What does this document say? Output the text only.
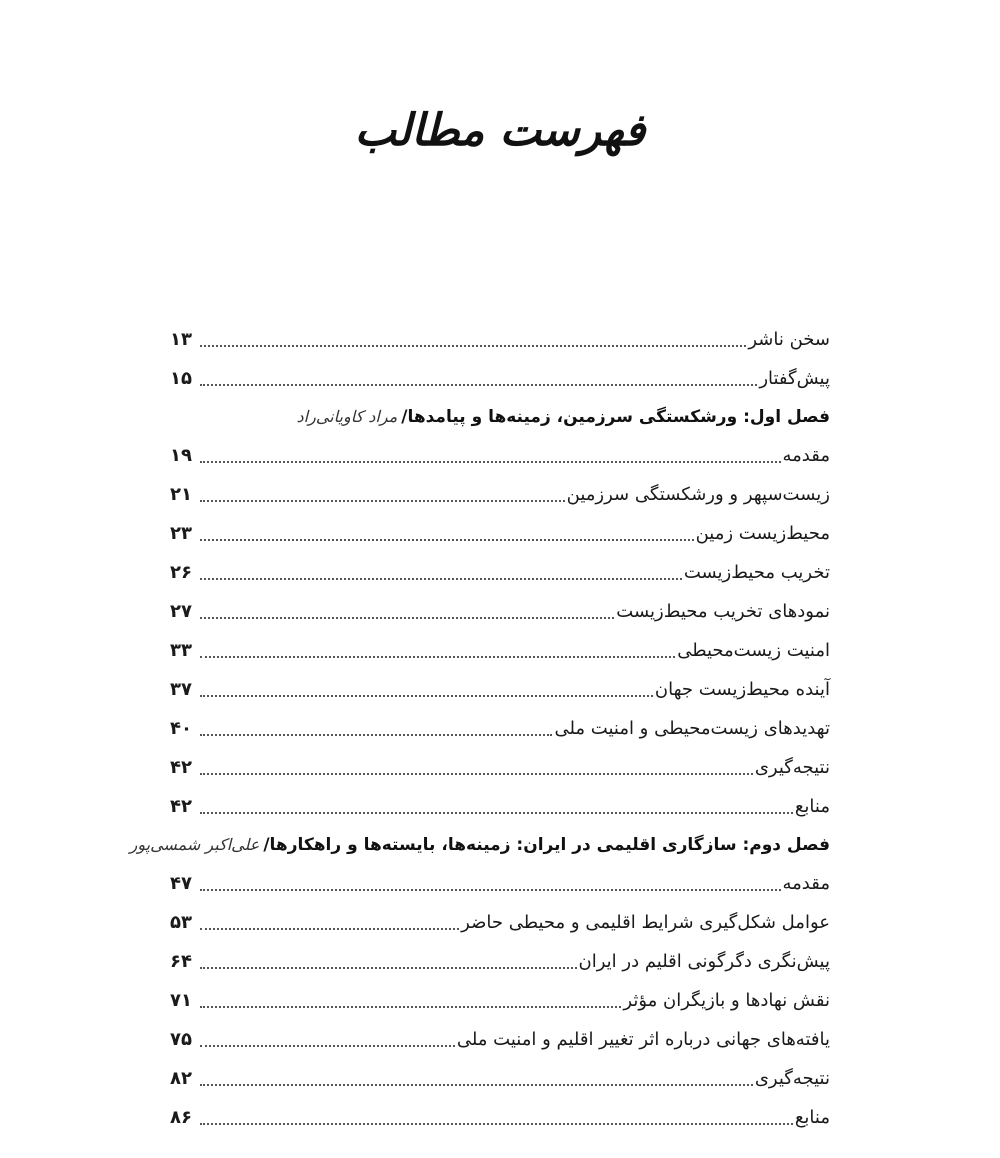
فهرست مطالب
سخن ناشر
۱۳
پیش‌گفتار
۱۵
فصل اول: ورشکستگی سرزمین، زمینه‌ها و پیامدها/
مراد کاویانی‌راد
مقدمه
۱۹
زیست‌سپهر و ورشکستگی سرزمین
۲۱
محیط‌زیست زمین
۲۳
تخریب محیط‌زیست
۲۶
نمودهای تخریب محیط‌زیست
۲۷
امنیت زیست‌محیطی
۳۳
آینده محیط‌زیست جهان
۳۷
تهدیدهای زیست‌محیطی و امنیت ملی
۴۰
نتیجه‌گیری
۴۲
منابع
۴۲
فصل دوم: سازگاری اقلیمی در ایران: زمینه‌ها، بایسته‌ها و راهکارها/
علی‌اکبر شمسی‌پور
مقدمه
۴۷
عوامل شکل‌گیری شرایط اقلیمی و محیطی حاضر
۵۳
پیش‌نگری دگرگونی اقلیم در ایران
۶۴
نقش نهادها و بازیگران مؤثر
۷۱
یافته‌های جهانی درباره اثر تغییر اقلیم و امنیت ملی
۷۵
نتیجه‌گیری
۸۲
منابع
۸۶
